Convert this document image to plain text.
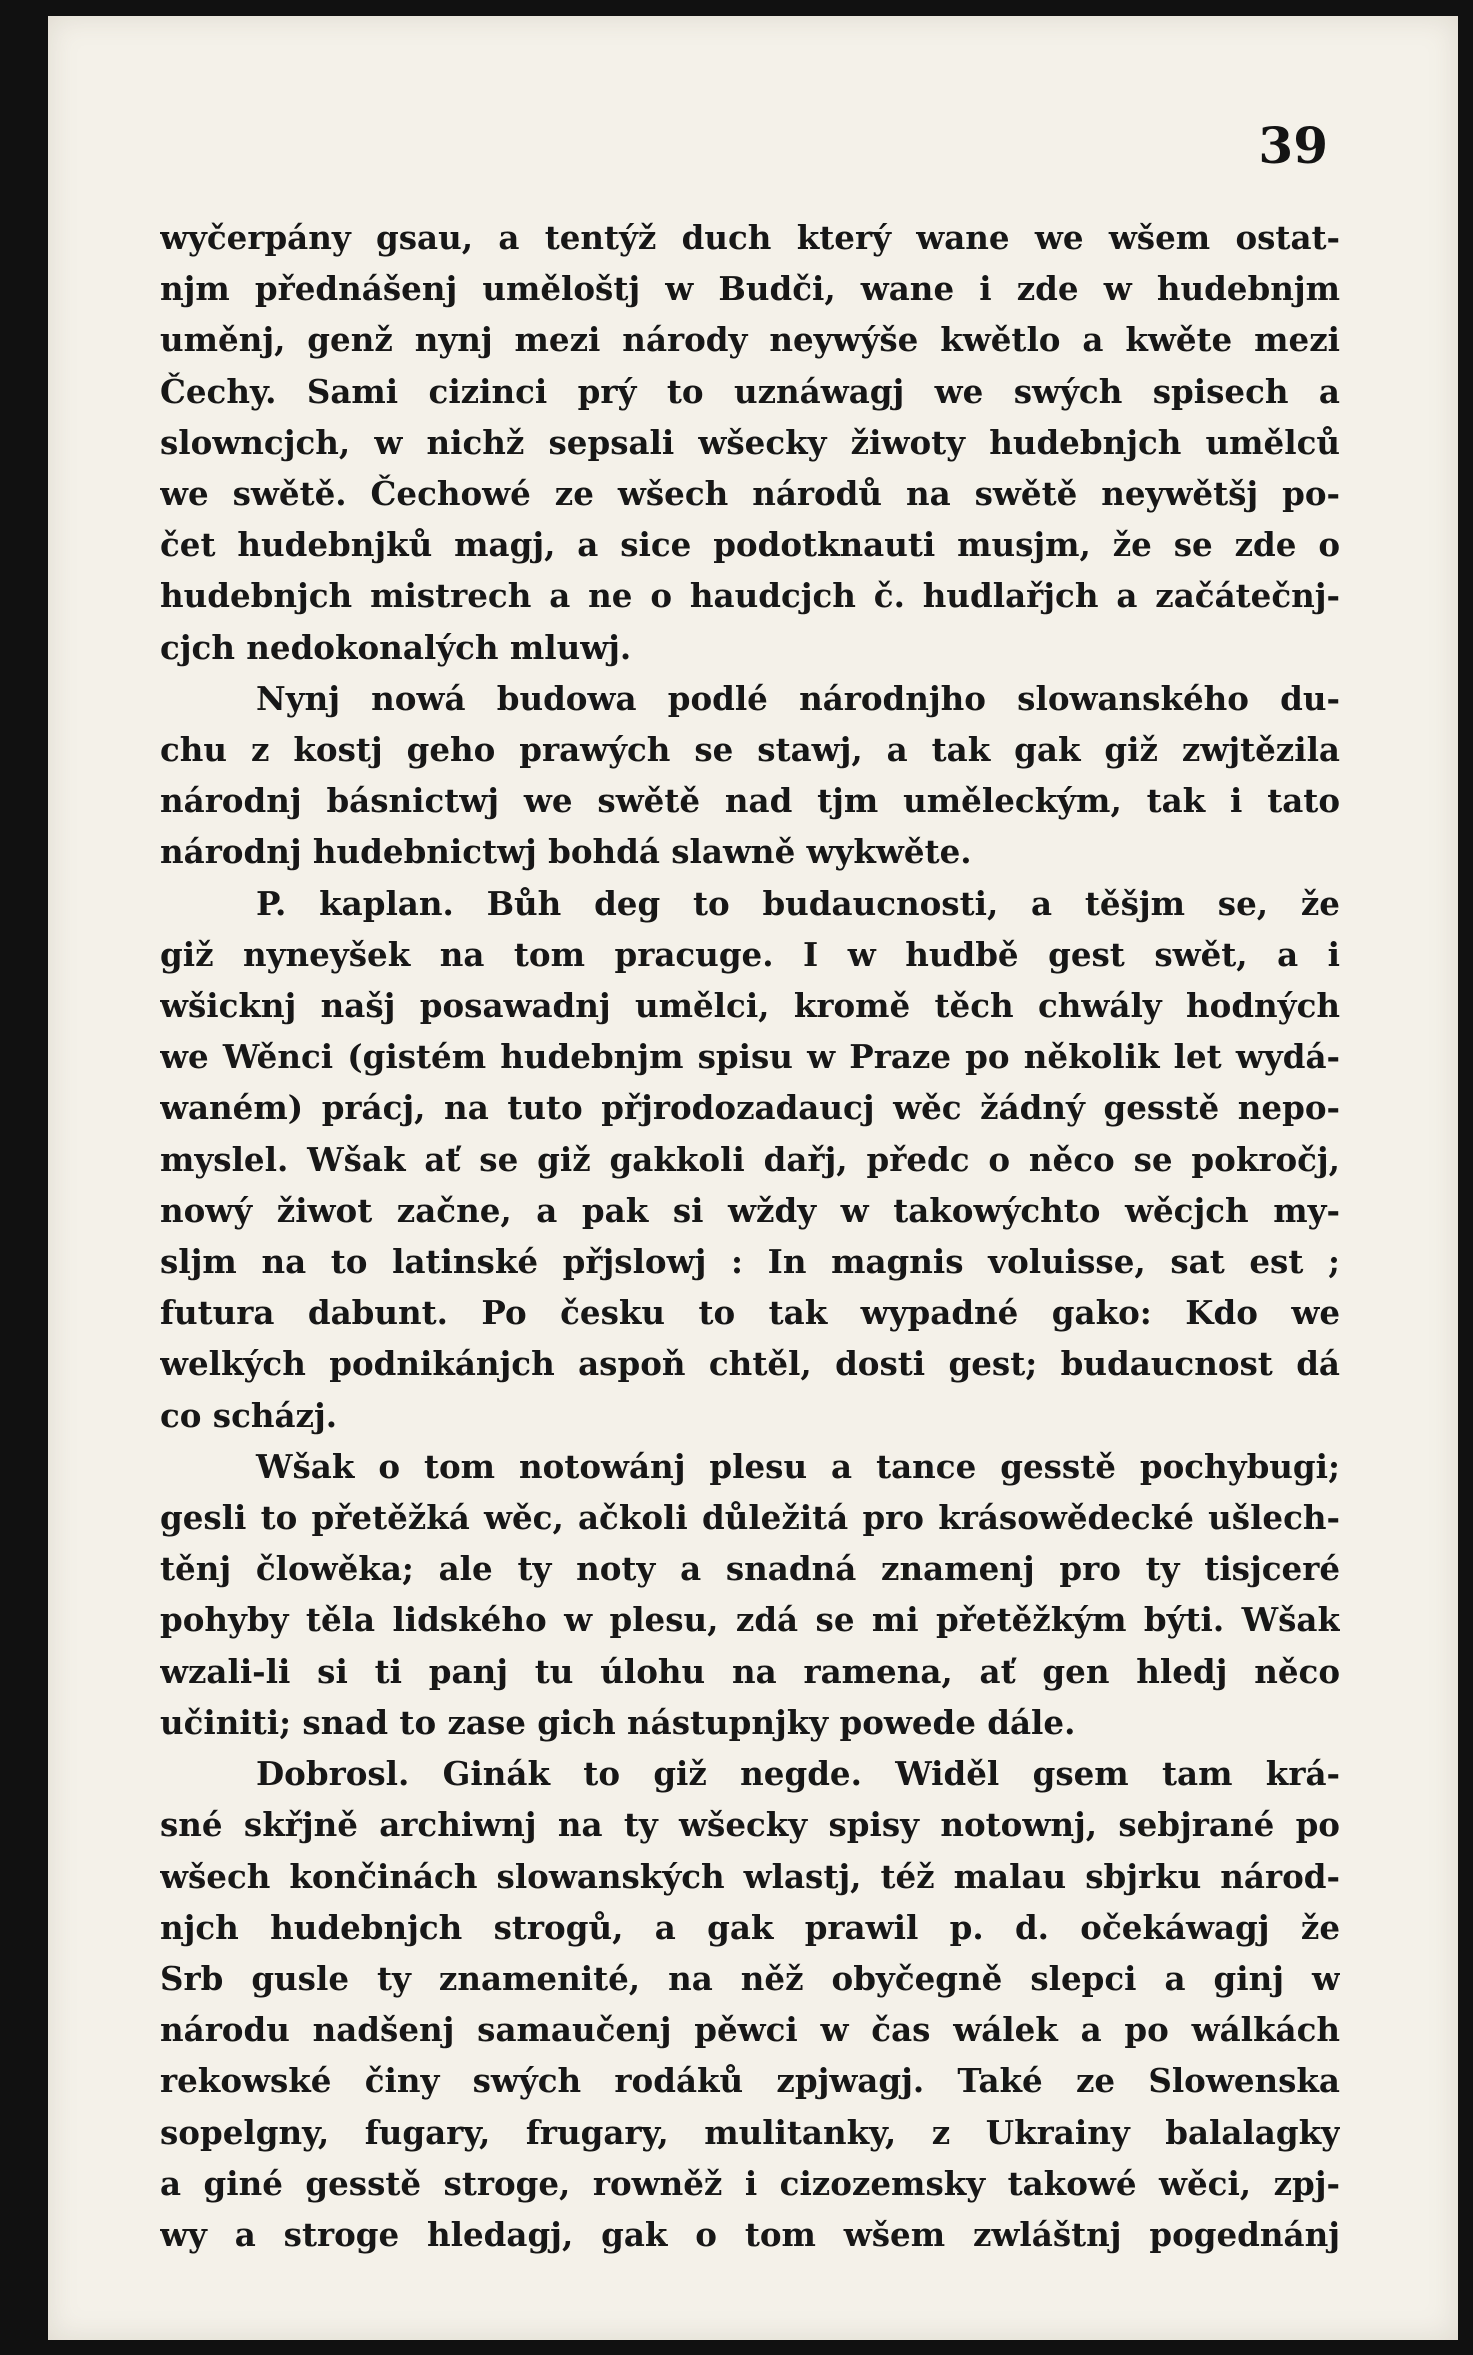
39
wyčerpány gsau, a tentýž duch který wane we wšem ostat-
njm přednášenj uměloštj w Budči, wane i zde w hudebnjm
uměnj, genž nynj mezi národy neywýše kwětlo a kwěte mezi
Čechy. Sami cizinci prý to uznáwagj we swých spisech a
slowncjch, w nichž sepsali wšecky žiwoty hudebnjch umělců
we swětě. Čechowé ze wšech národů na swětě neywětšj po-
čet hudebnjků magj, a sice podotknauti musjm, že se zde o
hudebnjch mistrech a ne o haudcjch č. hudlařjch a začátečnj-
cjch nedokonalých mluwj.
Nynj nowá budowa podlé národnjho slowanského du-
chu z kostj geho prawých se stawj, a tak gak giž zwjtězila
národnj básnictwj we swětě nad tjm uměleckým, tak i tato
národnj hudebnictwj bohdá slawně wykwěte.
P. kaplan. Bůh deg to budaucnosti, a těšjm se, že
giž nyneyšek na tom pracuge. I w hudbě gest swět, a i
wšicknj našj posawadnj umělci, kromě těch chwály hodných
we Wěnci (gistém hudebnjm spisu w Praze po několik let wydá-
waném) prácj, na tuto přjrodozadaucj wěc žádný gesstě nepo-
myslel. Wšak ať se giž gakkoli dařj, předc o něco se pokročj,
nowý žiwot začne, a pak si wždy w takowýchto wěcjch my-
sljm na to latinské přjslowj : In magnis voluisse, sat est ;
futura dabunt. Po česku to tak wypadné gako: Kdo we
welkých podnikánjch aspoň chtěl, dosti gest; budaucnost dá
co scházj.
Wšak o tom notowánj plesu a tance gesstě pochybugi;
gesli to přetěžká wěc, ačkoli důležitá pro krásowědecké ušlech-
těnj člowěka; ale ty noty a snadná znamenj pro ty tisjceré
pohyby těla lidského w plesu, zdá se mi přetěžkým býti. Wšak
wzali-li si ti panj tu úlohu na ramena, ať gen hledj něco
učiniti; snad to zase gich nástupnjky powede dále.
Dobrosl. Ginák to giž negde. Widěl gsem tam krá-
sné skřjně archiwnj na ty wšecky spisy notownj, sebjrané po
wšech končinách slowanských wlastj, též malau sbjrku národ-
njch hudebnjch strogů, a gak prawil p. d. očekáwagj že
Srb gusle ty znamenité, na něž obyčegně slepci a ginj w
národu nadšenj samaučenj pěwci w čas wálek a po wálkách
rekowské činy swých rodáků zpjwagj. Také ze Slowenska
sopelgny, fugary, frugary, mulitanky, z Ukrainy balalagky
a giné gesstě stroge, rowněž i cizozemsky takowé wěci, zpj-
wy a stroge hledagj, gak o tom wšem zwláštnj pogednánj
